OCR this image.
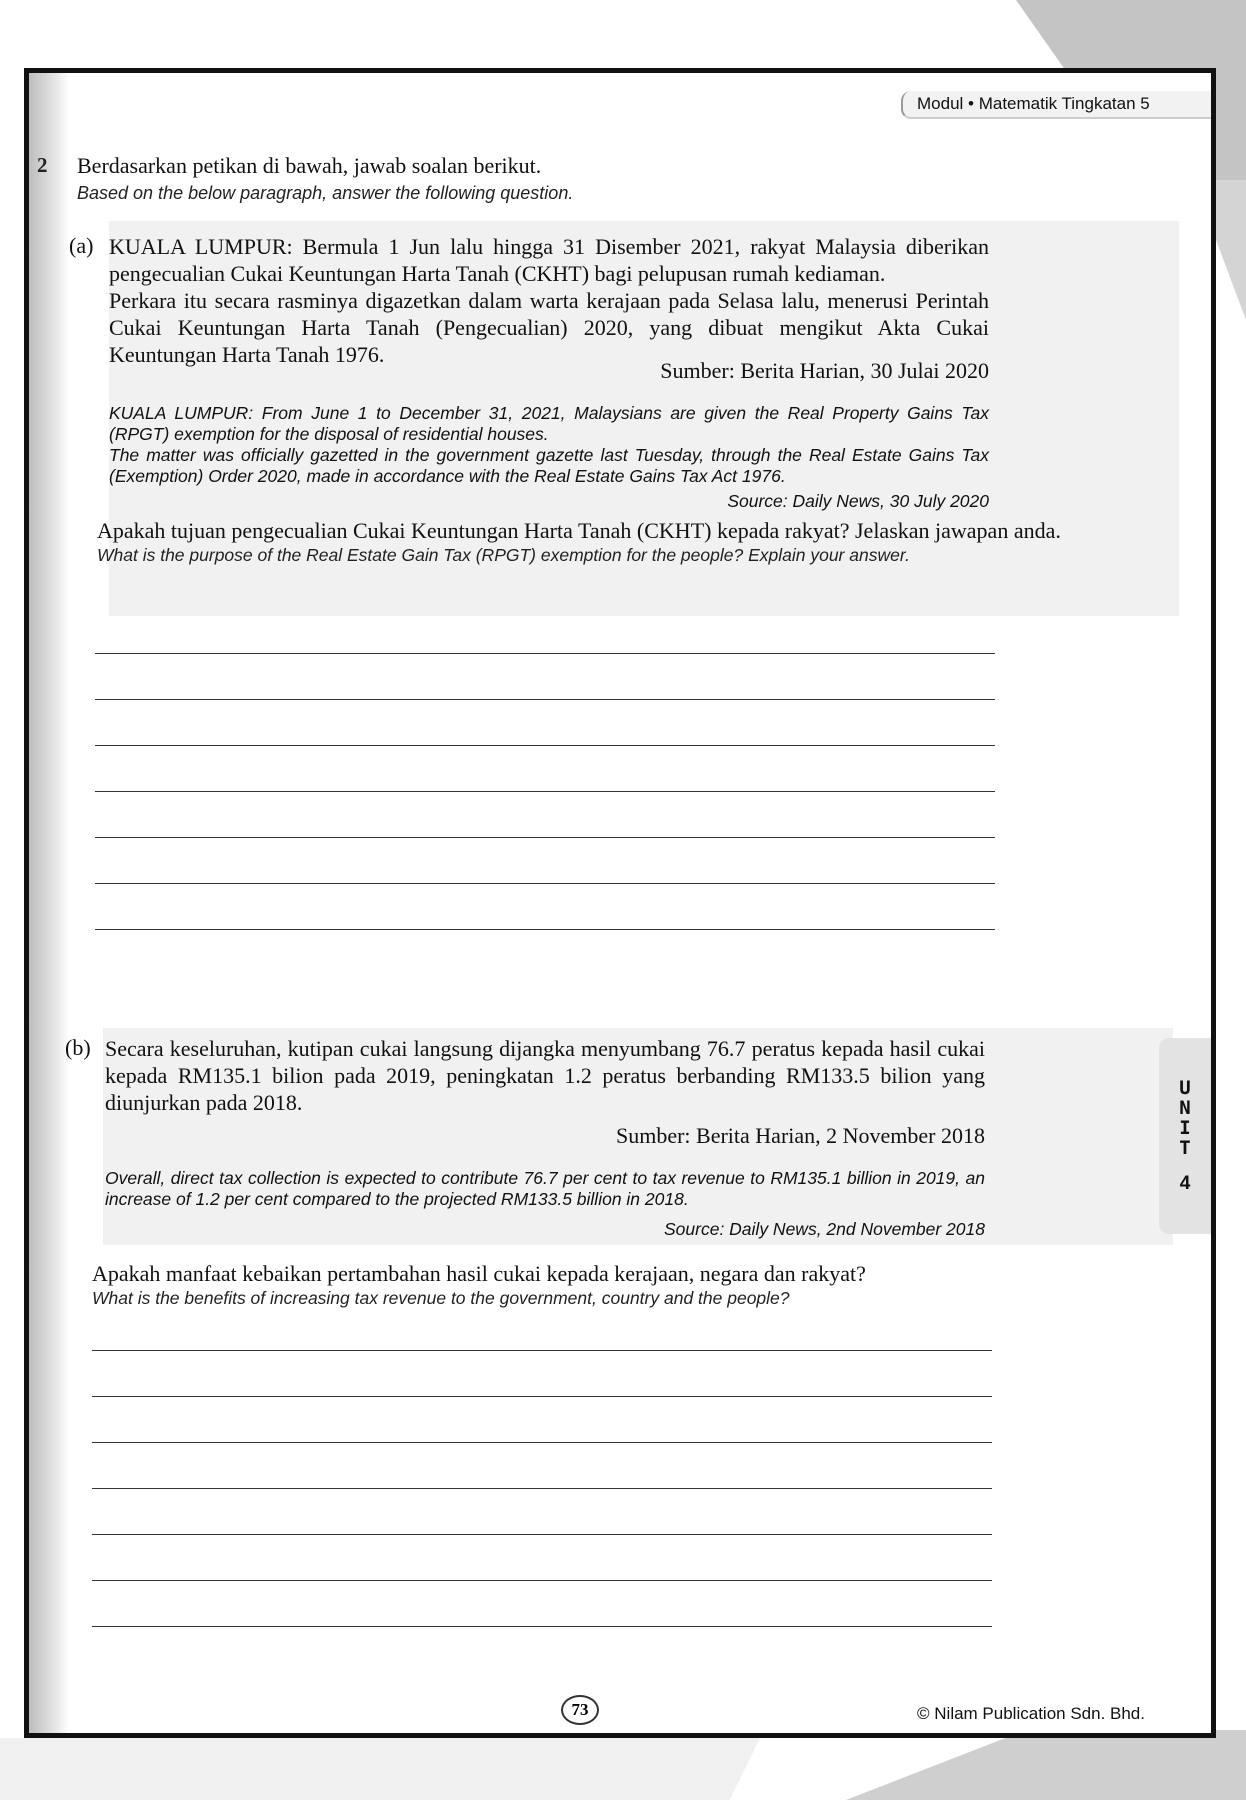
Modul • Matematik Tingkatan 5
2 Berdasarkan petikan di bawah, jawab soalan berikut.
Based on the below paragraph, answer the following question.
(a) KUALA LUMPUR: Bermula 1 Jun lalu hingga 31 Disember 2021, rakyat Malaysia diberikan pengecualian Cukai Keuntungan Harta Tanah (CKHT) bagi pelupusan rumah kediaman.
Perkara itu secara rasminya digazetkan dalam warta kerajaan pada Selasa lalu, menerusi Perintah Cukai Keuntungan Harta Tanah (Pengecualian) 2020, yang dibuat mengikut Akta Cukai Keuntungan Harta Tanah 1976.
Sumber: Berita Harian, 30 Julai 2020
KUALA LUMPUR: From June 1 to December 31, 2021, Malaysians are given the Real Property Gains Tax (RPGT) exemption for the disposal of residential houses.
The matter was officially gazetted in the government gazette last Tuesday, through the Real Estate Gains Tax (Exemption) Order 2020, made in accordance with the Real Estate Gains Tax Act 1976.
Source: Daily News, 30 July 2020
Apakah tujuan pengecualian Cukai Keuntungan Harta Tanah (CKHT) kepada rakyat? Jelaskan jawapan anda.
What is the purpose of the Real Estate Gain Tax (RPGT) exemption for the people? Explain your answer.
(b) Secara keseluruhan, kutipan cukai langsung dijangka menyumbang 76.7 peratus kepada hasil cukai kepada RM135.1 bilion pada 2019, peningkatan 1.2 peratus berbanding RM133.5 bilion yang diunjurkan pada 2018.
Sumber: Berita Harian, 2 November 2018
Overall, direct tax collection is expected to contribute 76.7 per cent to tax revenue to RM135.1 billion in 2019, an increase of 1.2 per cent compared to the projected RM133.5 billion in 2018.
Source: Daily News, 2nd November 2018
Apakah manfaat kebaikan pertambahan hasil cukai kepada kerajaan, negara dan rakyat?
What is the benefits of increasing tax revenue to the government, country and the people?
U
N
I
T
4
73	© Nilam Publication Sdn. Bhd.
